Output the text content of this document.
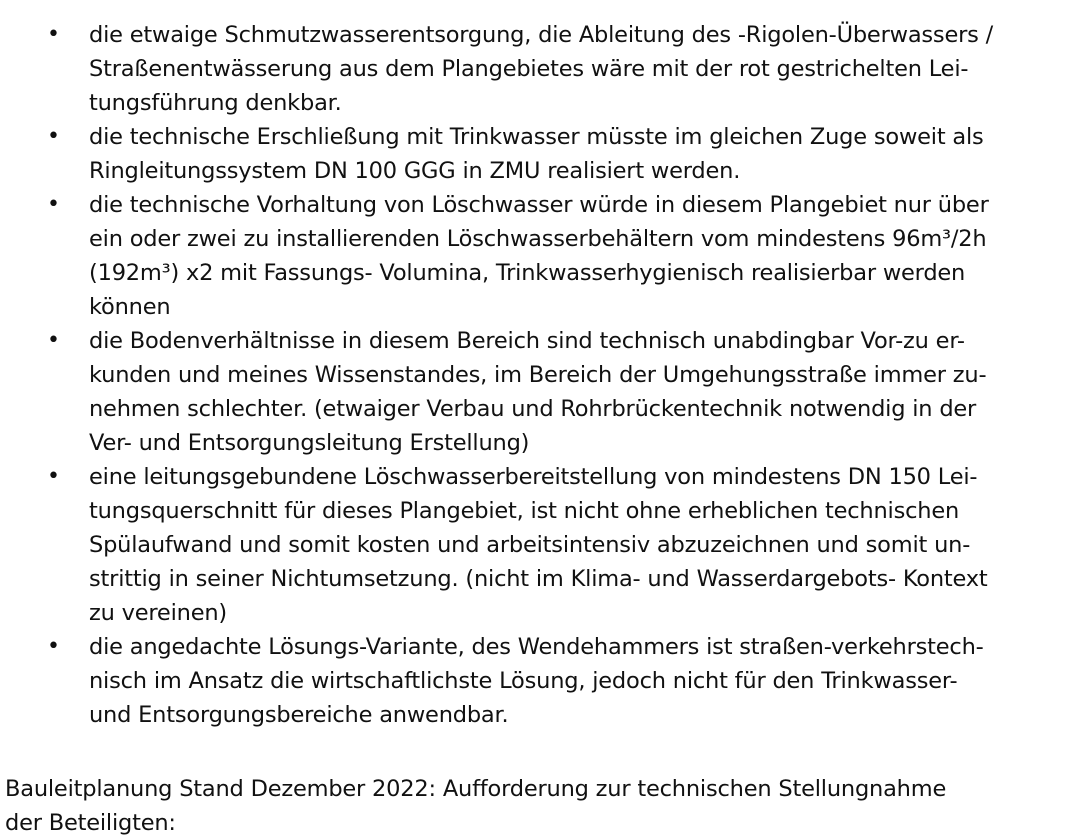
• die etwaige Schmutzwasserentsorgung, die Ableitung des -Rigolen-Überwassers /
Straßenentwässerung aus dem Plangebietes wäre mit der rot gestrichelten Lei-
tungsführung denkbar.
• die technische Erschließung mit Trinkwasser müsste im gleichen Zuge soweit als
Ringleitungssystem DN 100 GGG in ZMU realisiert werden.
• die technische Vorhaltung von Löschwasser würde in diesem Plangebiet nur über
ein oder zwei zu installierenden Löschwasserbehältern vom mindestens 96m³/2h
(192m³) x2 mit Fassungs- Volumina, Trinkwasserhygienisch realisierbar werden
können
• die Bodenverhältnisse in diesem Bereich sind technisch unabdingbar Vor-zu er-
kunden und meines Wissenstandes, im Bereich der Umgehungsstraße immer zu-
nehmen schlechter. (etwaiger Verbau und Rohrbrückentechnik notwendig in der
Ver- und Entsorgungsleitung Erstellung)
• eine leitungsgebundene Löschwasserbereitstellung von mindestens DN 150 Lei-
tungsquerschnitt für dieses Plangebiet, ist nicht ohne erheblichen technischen
Spülaufwand und somit kosten und arbeitsintensiv abzuzeichnen und somit un-
strittig in seiner Nichtumsetzung. (nicht im Klima- und Wasserdargebots- Kontext
zu vereinen)
• die angedachte Lösungs-Variante, des Wendehammers ist straßen-verkehrstech-
nisch im Ansatz die wirtschaftlichste Lösung, jedoch nicht für den Trinkwasser-
und Entsorgungsbereiche anwendbar.
Bauleitplanung Stand Dezember 2022: Aufforderung zur technischen Stellungnahme
der Beteiligten:
